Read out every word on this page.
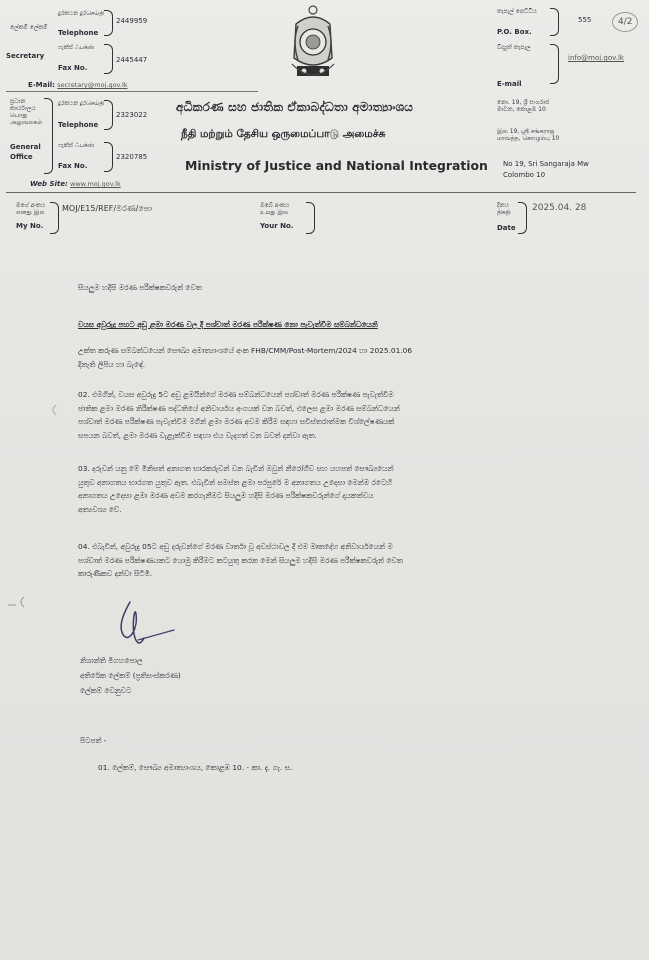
ලේකම් ලේකම්
Secretary
දුරකථන දූරசெய்தி
Telephone
2449959
ෆැක්ස් ஃபக்ஸ்
Fax No.
2445447
E-Mail: secretary@moj.gov.lk
ප්‍රධාන කාර්යාලය பொது அலுவலகம்
General Office
දුරකථන දූරசெய்தி
Telephone
2323022
ෆැක්ස් ஃபக்ஸ்
Fax No.
2320785
Web Site: www.moj.gov.lk
අධිකරණ සහ ජාතික ඒකාබද්ධතා අමාත්‍යාංශය
நீதி மற்றும் தேசிய ஒருமைப்பாடு அமைச்சு
Ministry of Justice and National Integration
තැපැල් පෙට්ටිය
P.O. Box.
555	4/2
විද්‍යුත් තැපෑල
E-mail
info@moj.gov.lk
නො. 19, ශ්‍රී සංගරාජ මාවත, කොළඹ 10
இல 19, ஸ்ரீ சங்கராஜ மாவத்த, கொழும்பு 10
No 19, Sri Sangaraja Mw
Colombo 10
මගේ අංකය எனது இல
My No.
MOJ/E15/REF/මරණ/පො	ඔබේ අංකය உமது இல
Your No.
දිනය திகதி
Date
2025.04. 28
සියලුම හදිසි මරණ පරීක්ෂකවරුන් වෙත
වයස අවුරුදු පහට අඩු ළමා මරණ වල දී පශ්චාත් මරණ පරීක්ෂණ නො පැවැත්වීම සම්බන්ධයෙනි
උක්ත කරුණ සම්බන්ධයෙන් සෞඛ්‍ය අමාත්‍යාංශයේ අංක FHB/CMM/Post-Mortem/2024 හා 2025.01.06
දිනැති ලිපිය හා බැඳේ.
02. එමගින්, වයස අවුරුදු 5ට අඩු ළමයින්ගේ මරණ සම්බන්ධයෙන් පශ්චාත් මරණ පරීක්ෂණ පැවැත්වීම
ජාතික ළමා මරණ නිරීක්ෂණ පද්ධතියේ අනිවාර්යය අංගයක් වන බවත්, එලෙස ළමා මරණ සම්බන්ධයෙන්
පශ්චාත් මරණ පරීක්ෂණ පැවැත්වීම මගින් ළමා මරණ අවම කිරීම සඳහා සවිස්තරාත්මක විශ්ලේෂණයක්
සපයන බවත්, ළමා මරණ වැළැක්වීම සඳහා එය වැදගත් වන බවත් දන්වා ඇත.
03. දරුවන් යනු මේ මිනිසත් අනාගත භාරකරුවන් වන බැවින් ඔවුන් නීරෝගීව සහ යහපත් සෞඛ්‍යයෙන්
යුතුව අනාගතය භාරගත යුතුව ඇත. එබැවින් සමස්ත ළමා පරපුරේ ම අනාගතය උදෙසා මෙන්ම රටෙහි
අනාගතය උදෙසා ළමා මරණ අවම කරගැනීමට සියලුම හදිසි මරණ පරීක්ෂකවරුන්ගේ දායකත්වය
අත්‍යවශ්‍ය වේ.
04. එබැවින්, අවුරුදු 05ට අඩු දරුවන්ගේ මරණ වාර්තා වූ අවස්ථාවල දී එම මෘතදේහ අනිවාර්යයෙන් ම
පශ්චාත් මරණ පරීක්ෂණයකට යොමු කිරීමට කටයුතු කරන මෙන් සියලුම හදිසි මරණ පරීක්ෂකවරුන් වෙත
කාරුණිකව දන්වා සිටිමි.
නිශාන්ති මීගහපොල
අතිරේක ලේකම් (ප්‍රතිසංස්කරණ)
ලේකම් වෙනුවට
පිටපත් -
01. ලේකම්, සෞඛ්‍ය අමාත්‍යාංශය, කොළඹ 10. - කා. දැ. ගැ. ස.
